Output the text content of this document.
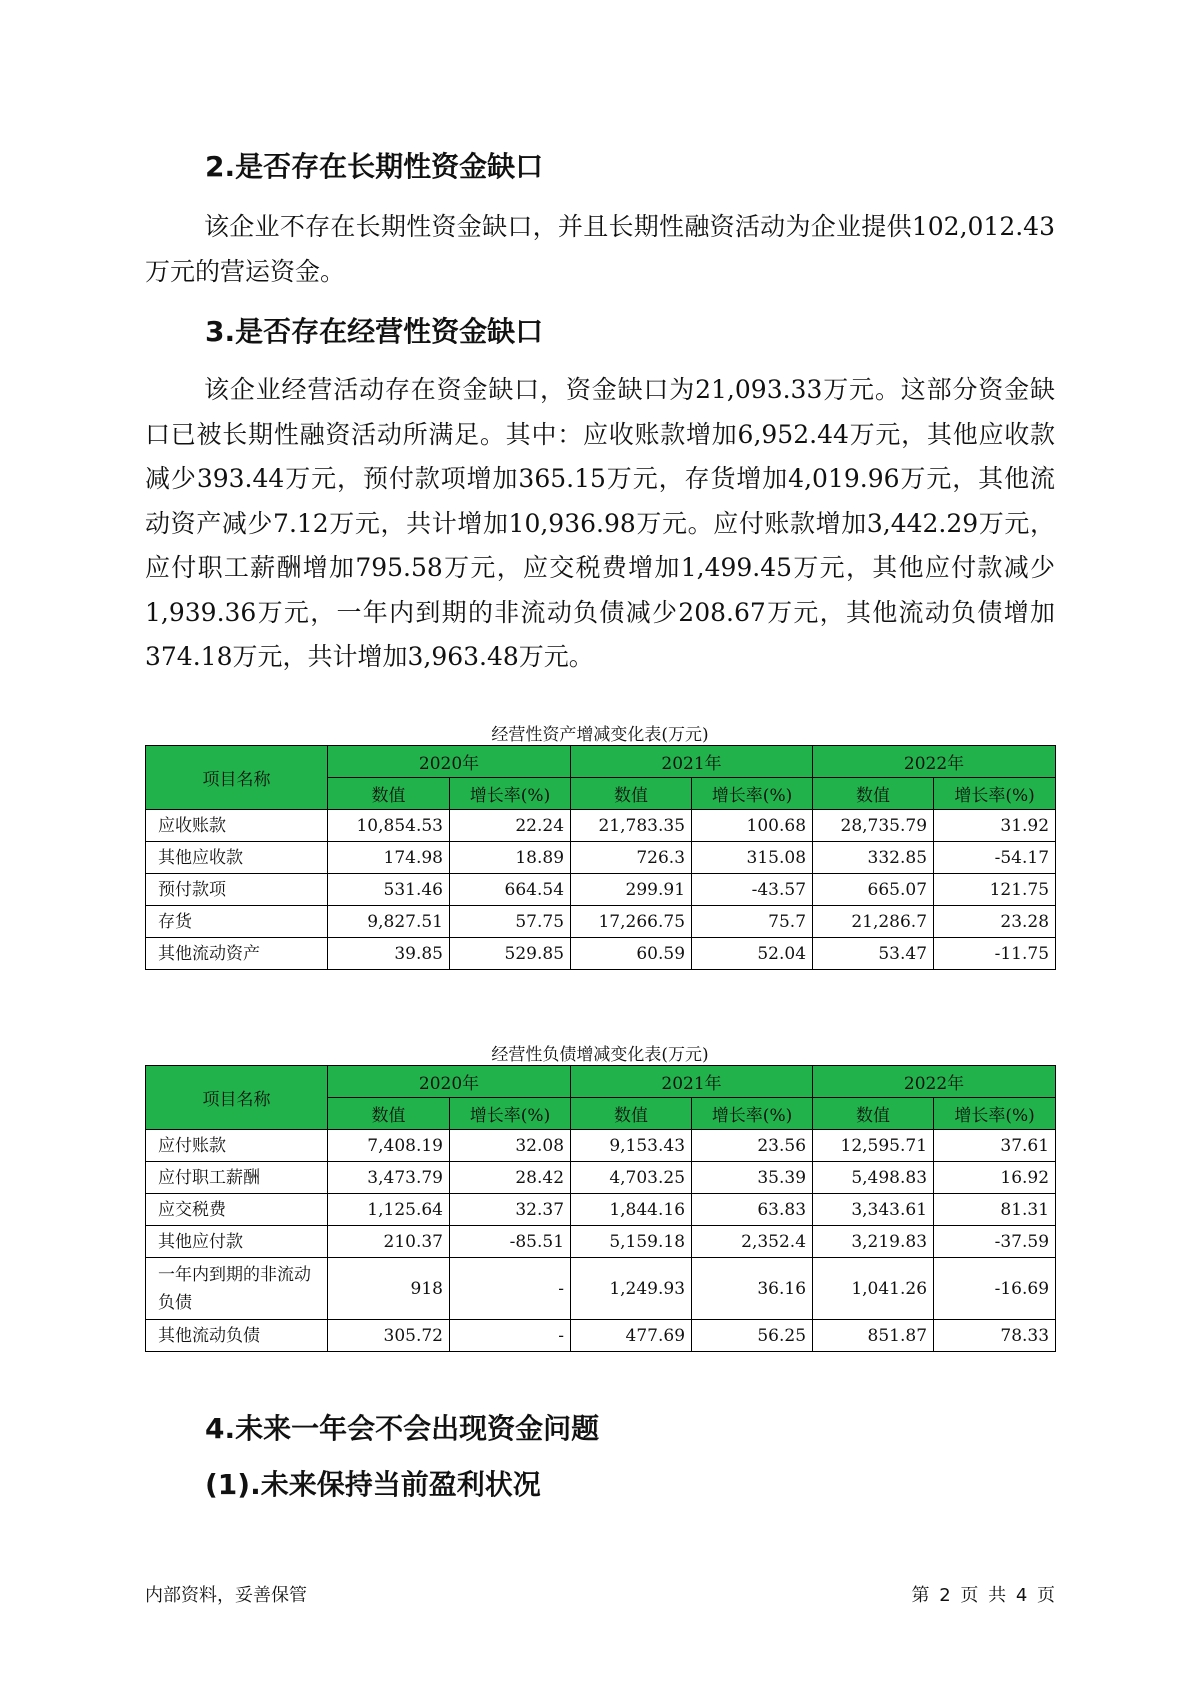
2.是否存在长期性资金缺口

该企业不存在长期性资金缺口，并且长期性融资活动为企业提供102,012.43万元的营运资金。

3.是否存在经营性资金缺口

该企业经营活动存在资金缺口，资金缺口为21,093.33万元。这部分资金缺口已被长期性融资活动所满足。其中：应收账款增加6,952.44万元，其他应收款减少393.44万元，预付款项增加365.15万元，存货增加4,019.96万元，其他流动资产减少7.12万元，共计增加10,936.98万元。应付账款增加3,442.29万元，应付职工薪酬增加795.58万元，应交税费增加1,499.45万元，其他应付款减少1,939.36万元，一年内到期的非流动负债减少208.67万元，其他流动负债增加374.18万元，共计增加3,963.48万元。

经营性资产增减变化表(万元)

项目名称	2020年		2021年		2022年	
	数值	增长率(%)	数值	增长率(%)	数值	增长率(%)
应收账款	10,854.53	22.24	21,783.35	100.68	28,735.79	31.92
其他应收款	174.98	18.89	726.3	315.08	332.85	-54.17
预付款项	531.46	664.54	299.91	-43.57	665.07	121.75
存货	9,827.51	57.75	17,266.75	75.7	21,286.7	23.28
其他流动资产	39.85	529.85	60.59	52.04	53.47	-11.75

经营性负债增减变化表(万元)

项目名称	2020年		2021年		2022年	
	数值	增长率(%)	数值	增长率(%)	数值	增长率(%)
应付账款	7,408.19	32.08	9,153.43	23.56	12,595.71	37.61
应付职工薪酬	3,473.79	28.42	4,703.25	35.39	5,498.83	16.92
应交税费	1,125.64	32.37	1,844.16	63.83	3,343.61	81.31
其他应付款	210.37	-85.51	5,159.18	2,352.4	3,219.83	-37.59
一年内到期的非流动负债	918	-	1,249.93	36.16	1,041.26	-16.69
其他流动负债	305.72	-	477.69	56.25	851.87	78.33
4.未来一年会不会出现资金问题
(1).未来保持当前盈利状况

内部资料，妥善保管	第 2 页 共 4 页
